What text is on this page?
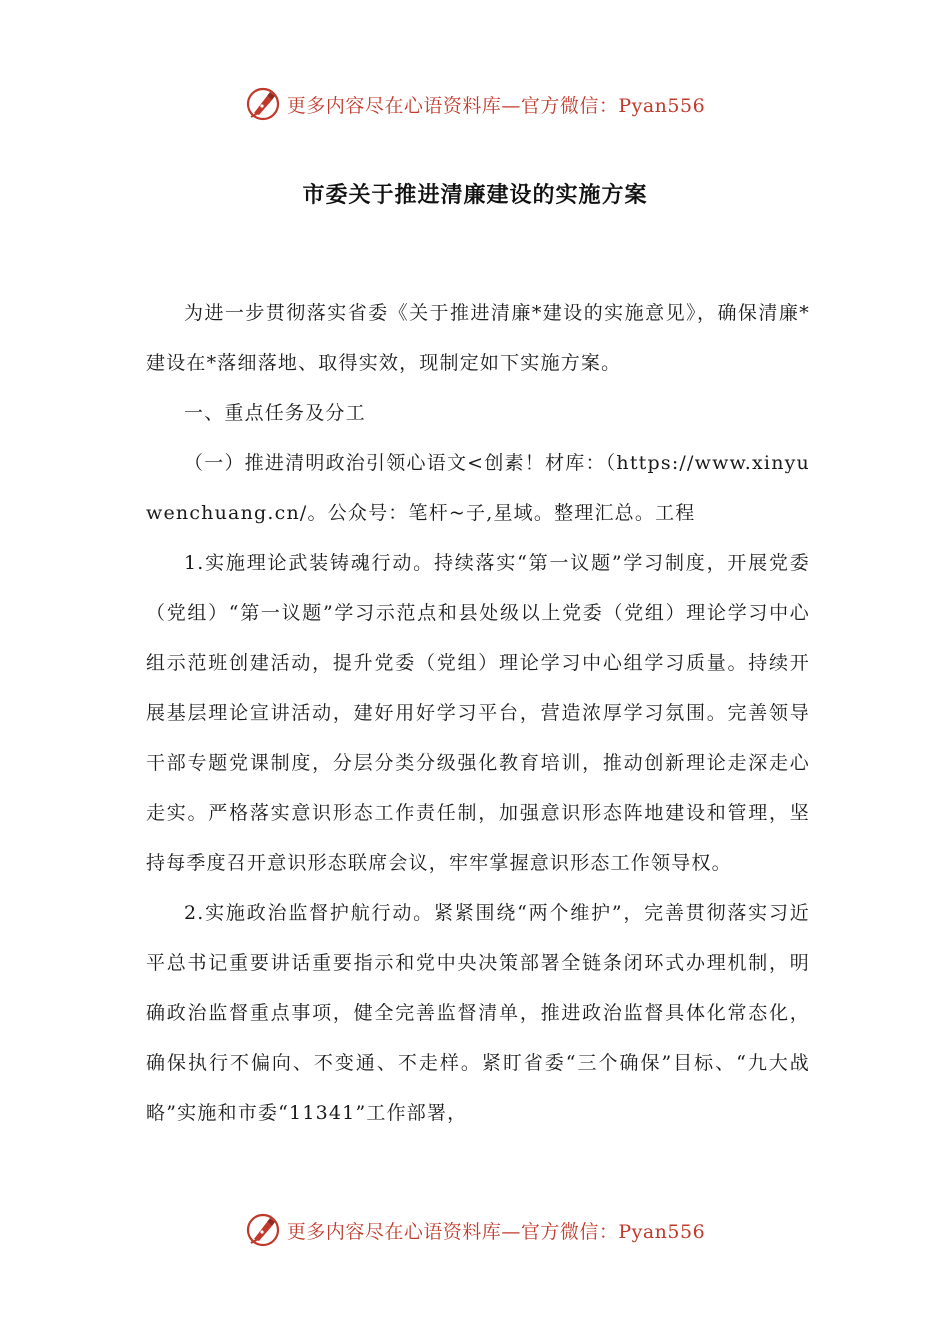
更多内容尽在心语资料库—官方微信：Pyan556
市委关于推进清廉建设的实施方案

为进一步贯彻落实省委《关于推进清廉*建设的实施意见》，确保清廉*建设在*落细落地、取得实效，现制定如下实施方案。

一、重点任务及分工

（一）推进清明政治引领心语文<创素！材库：（https://www.xinyuwenchuang.cn/。公众号：笔杆~子,星域。整理汇总。工程

1.实施理论武装铸魂行动。持续落实“第一议题”学习制度，开展党委（党组）“第一议题”学习示范点和县处级以上党委（党组）理论学习中心组示范班创建活动，提升党委（党组）理论学习中心组学习质量。持续开展基层理论宣讲活动，建好用好学习平台，营造浓厚学习氛围。完善领导干部专题党课制度，分层分类分级强化教育培训，推动创新理论走深走心走实。严格落实意识形态工作责任制，加强意识形态阵地建设和管理，坚持每季度召开意识形态联席会议，牢牢掌握意识形态工作领导权。

2.实施政治监督护航行动。紧紧围绕“两个维护”，完善贯彻落实习近平总书记重要讲话重要指示和党中央决策部署全链条闭环式办理机制，明确政治监督重点事项，健全完善监督清单，推进政治监督具体化常态化，确保执行不偏向、不变通、不走样。紧盯省委“三个确保”目标、“九大战略”实施和市委“11341”工作部署，

更多内容尽在心语资料库—官方微信：Pyan556
